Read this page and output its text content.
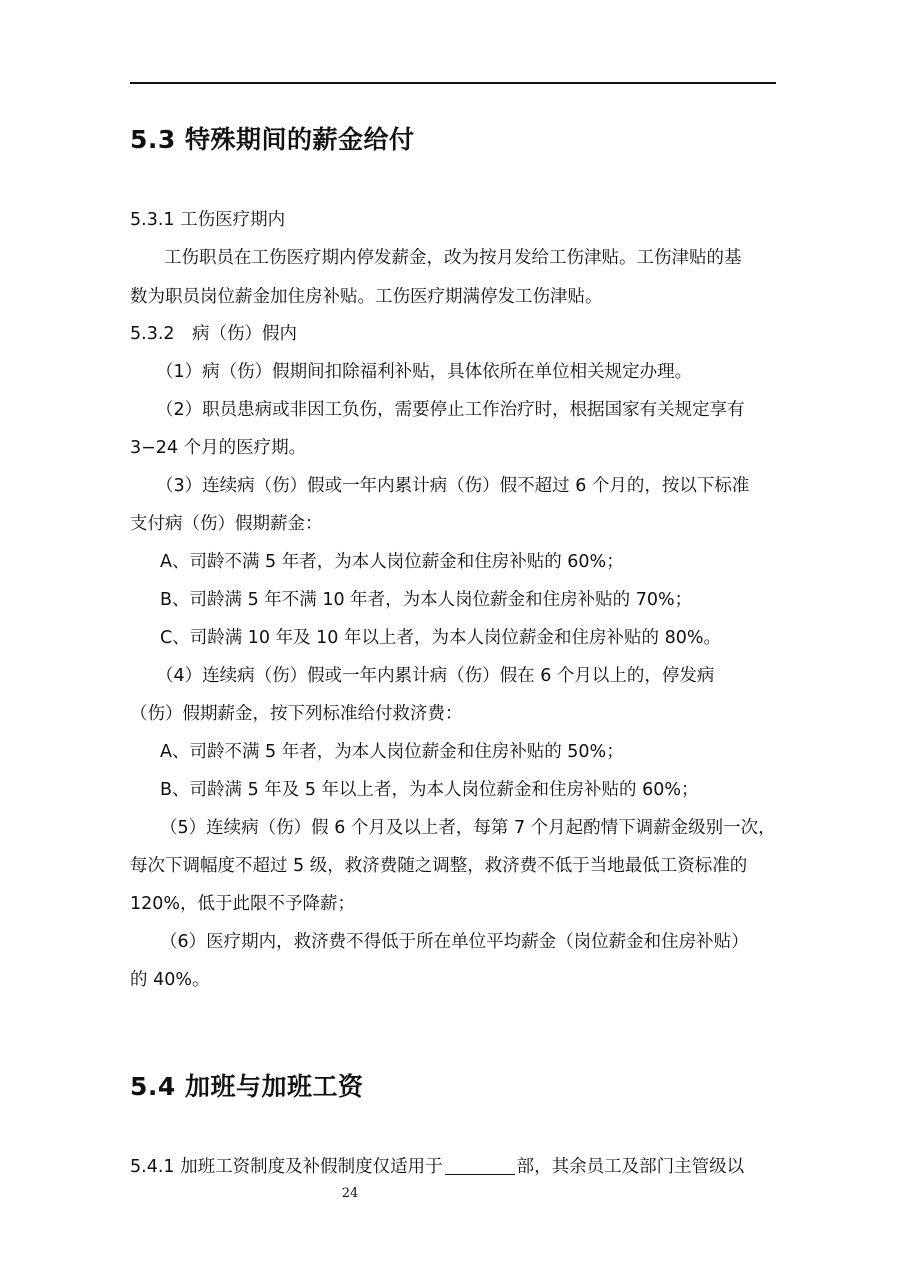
5.3 特殊期间的薪金给付
5.3.1 工伤医疗期内
工伤职员在工伤医疗期内停发薪金，改为按月发给工伤津贴。工伤津贴的基
数为职员岗位薪金加住房补贴。工伤医疗期满停发工伤津贴。
5.3.2　病（伤）假内
（1）病（伤）假期间扣除福利补贴，具体依所在单位相关规定办理。
（2）职员患病或非因工负伤，需要停止工作治疗时，根据国家有关规定享有
3−24 个月的医疗期。
（3）连续病（伤）假或一年内累计病（伤）假不超过 6 个月的，按以下标准
支付病（伤）假期薪金：
A、司龄不满 5 年者，为本人岗位薪金和住房补贴的 60%；
B、司龄满 5 年不满 10 年者，为本人岗位薪金和住房补贴的 70%；
C、司龄满 10 年及 10 年以上者，为本人岗位薪金和住房补贴的 80%。
（4）连续病（伤）假或一年内累计病（伤）假在 6 个月以上的，停发病
（伤）假期薪金，按下列标准给付救济费：
A、司龄不满 5 年者，为本人岗位薪金和住房补贴的 50%；
B、司龄满 5 年及 5 年以上者，为本人岗位薪金和住房补贴的 60%；
（5）连续病（伤）假 6 个月及以上者，每第 7 个月起酌情下调薪金级别一次，
每次下调幅度不超过 5 级，救济费随之调整，救济费不低于当地最低工资标准的
120%，低于此限不予降薪；
（6）医疗期内，救济费不得低于所在单位平均薪金（岗位薪金和住房补贴）
的 40%。
5.4 加班与加班工资
5.4.1 加班工资制度及补假制度仅适用于	部，其余员工及部门主管级以
24
